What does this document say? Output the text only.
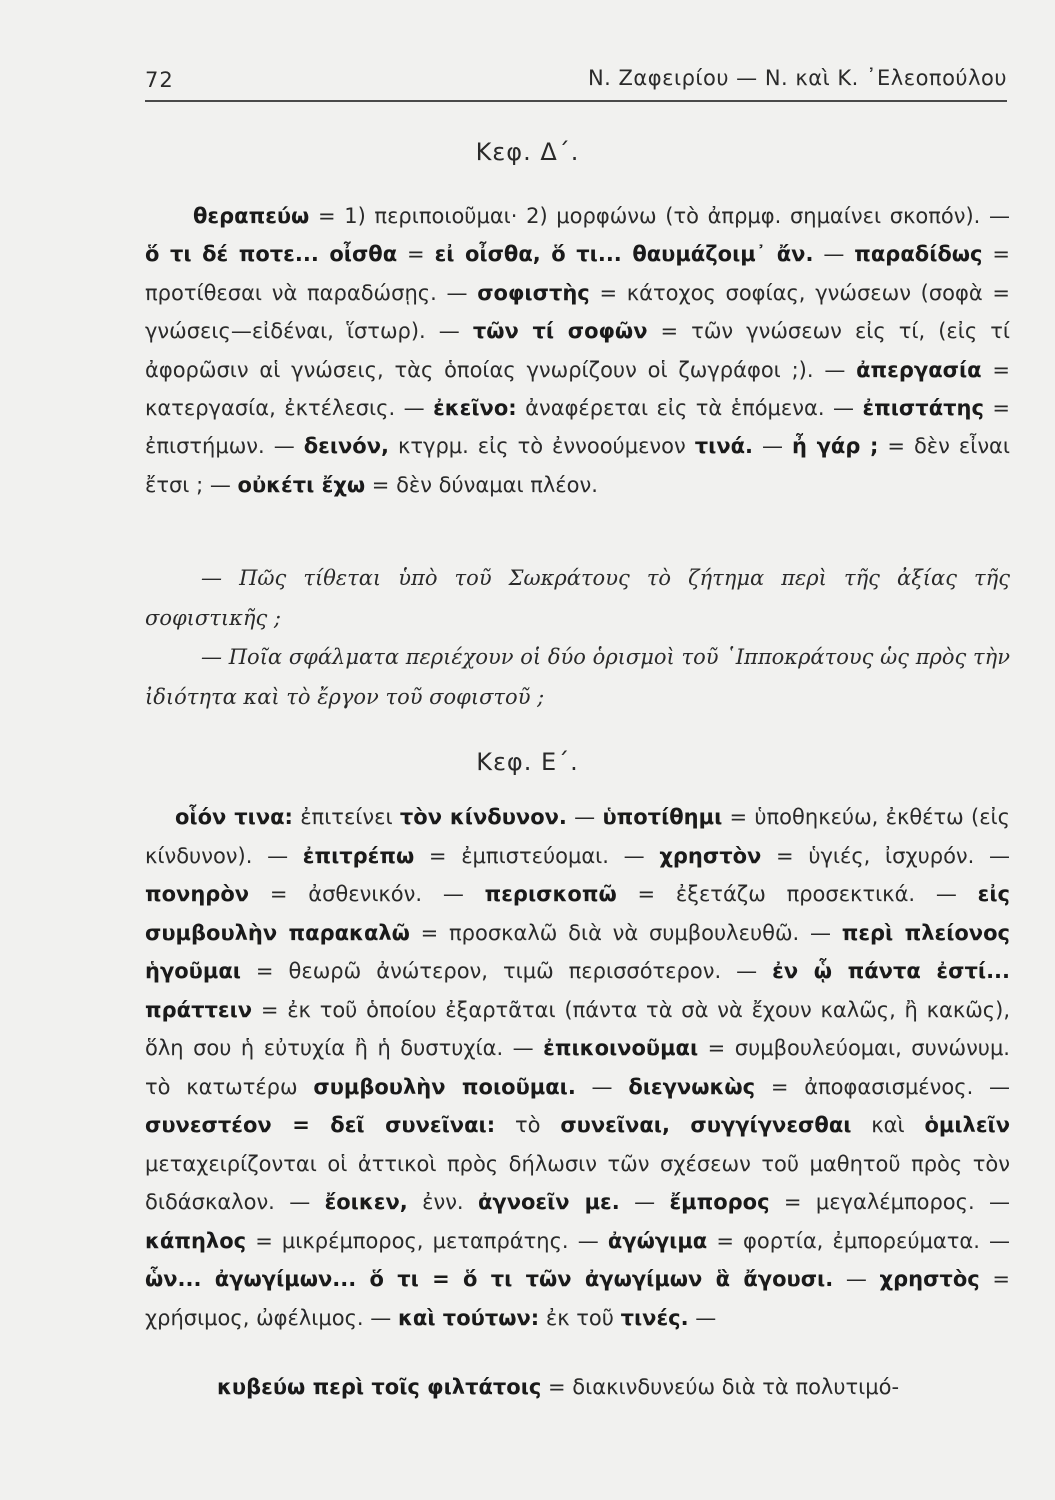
72	Ν. Ζαφειρίου — Ν. καὶ Κ. ᾿Ελεοπούλου
Κεφ. Δ΄.

θεραπεύω = 1) περιποιοῦμαι· 2) μορφώνω (τὸ ἀπρμφ. σημαίνει σκοπόν). — ὅ τι δέ ποτε... οἶσθα = εἰ οἶσθα, ὅ τι... θαυμάζοιμ᾽ ἄν. — παραδίδως = προτίθεσαι νὰ παραδώσῃς. — σοφιστὴς = κάτοχος σοφίας, γνώσεων (σοφὰ = γνώσεις—εἰδέναι, ἵστωρ). — τῶν τί σοφῶν = τῶν γνώσεων εἰς τί, (εἰς τί ἀφορῶσιν αἱ γνώσεις, τὰς ὁποίας γνωρίζουν οἱ ζωγράφοι ;). — ἀπεργασία = κατεργασία, ἐκτέλεσις. — ἐκεῖνο: ἀναφέρεται εἰς τὰ ἑπόμενα. — ἐπιστάτης = ἐπιστήμων. — δεινόν, κτγρμ. εἰς τὸ ἐννοούμενον τινά. — ἦ γάρ ; = δὲν εἶναι ἔτσι ; — οὐκέτι ἔχω = δὲν δύναμαι πλέον.

— Πῶς τίθεται ὑπὸ τοῦ Σωκράτους τὸ ζήτημα περὶ τῆς ἀξίας τῆς σοφιστικῆς ;
— Ποῖα σφάλματα περιέχουν οἱ δύο ὁρισμοὶ τοῦ ῾Ιπποκράτους ὡς πρὸς τὴν ἰδιότητα καὶ τὸ ἔργον τοῦ σοφιστοῦ ;
Κεφ. Ε΄.

οἷόν τινα: ἐπιτείνει τὸν κίνδυνον. — ὑποτίθημι = ὑποθηκεύω, ἐκθέτω (εἰς κίνδυνον). — ἐπιτρέπω = ἐμπιστεύομαι. — χρηστὸν = ὑγιές, ἰσχυρόν. — πονηρὸν = ἀσθενικόν. — περισκοπῶ = ἐξετάζω προσεκτικά. — εἰς συμβουλὴν παρακαλῶ = προσκαλῶ διὰ νὰ συμβουλευθῶ. — περὶ πλείονος ἡγοῦμαι = θεωρῶ ἀνώτερον, τιμῶ περισσότερον. — ἐν ᾧ πάντα ἐστί... πράττειν = ἐκ τοῦ ὁποίου ἐξαρτᾶται (πάντα τὰ σὰ νὰ ἔχουν καλῶς, ἢ κακῶς), ὅλη σου ἡ εὐτυχία ἢ ἡ δυστυχία. — ἐπικοινοῦμαι = συμβουλεύομαι, συνώνυμ. τὸ κατωτέρω συμβουλὴν ποιοῦμαι. — διεγνωκὼς = ἀποφασισμένος. — συνεστέον = δεῖ συνεῖναι: τὸ συνεῖναι, συγγίγνεσθαι καὶ ὁμιλεῖν μεταχειρίζονται οἱ ἀττικοὶ πρὸς δήλωσιν τῶν σχέσεων τοῦ μαθητοῦ πρὸς τὸν διδάσκαλον. — ἔοικεν, ἐνν. ἀγνοεῖν με. — ἔμπορος = μεγαλέμπορος. — κάπηλος = μικρέμπορος, μεταπράτης. — ἀγώγιμα = φορτία, ἐμπορεύματα. — ὧν... ἀγωγίμων... ὅ τι = ὅ τι τῶν ἀγωγίμων ἃ ἄγουσι. — χρηστὸς = χρήσιμος, ὠφέλιμος. — καὶ τούτων: ἐκ τοῦ τινές. —

κυβεύω περὶ τοῖς φιλτάτοις = διακινδυνεύω διὰ τὰ πολυτιμό-
